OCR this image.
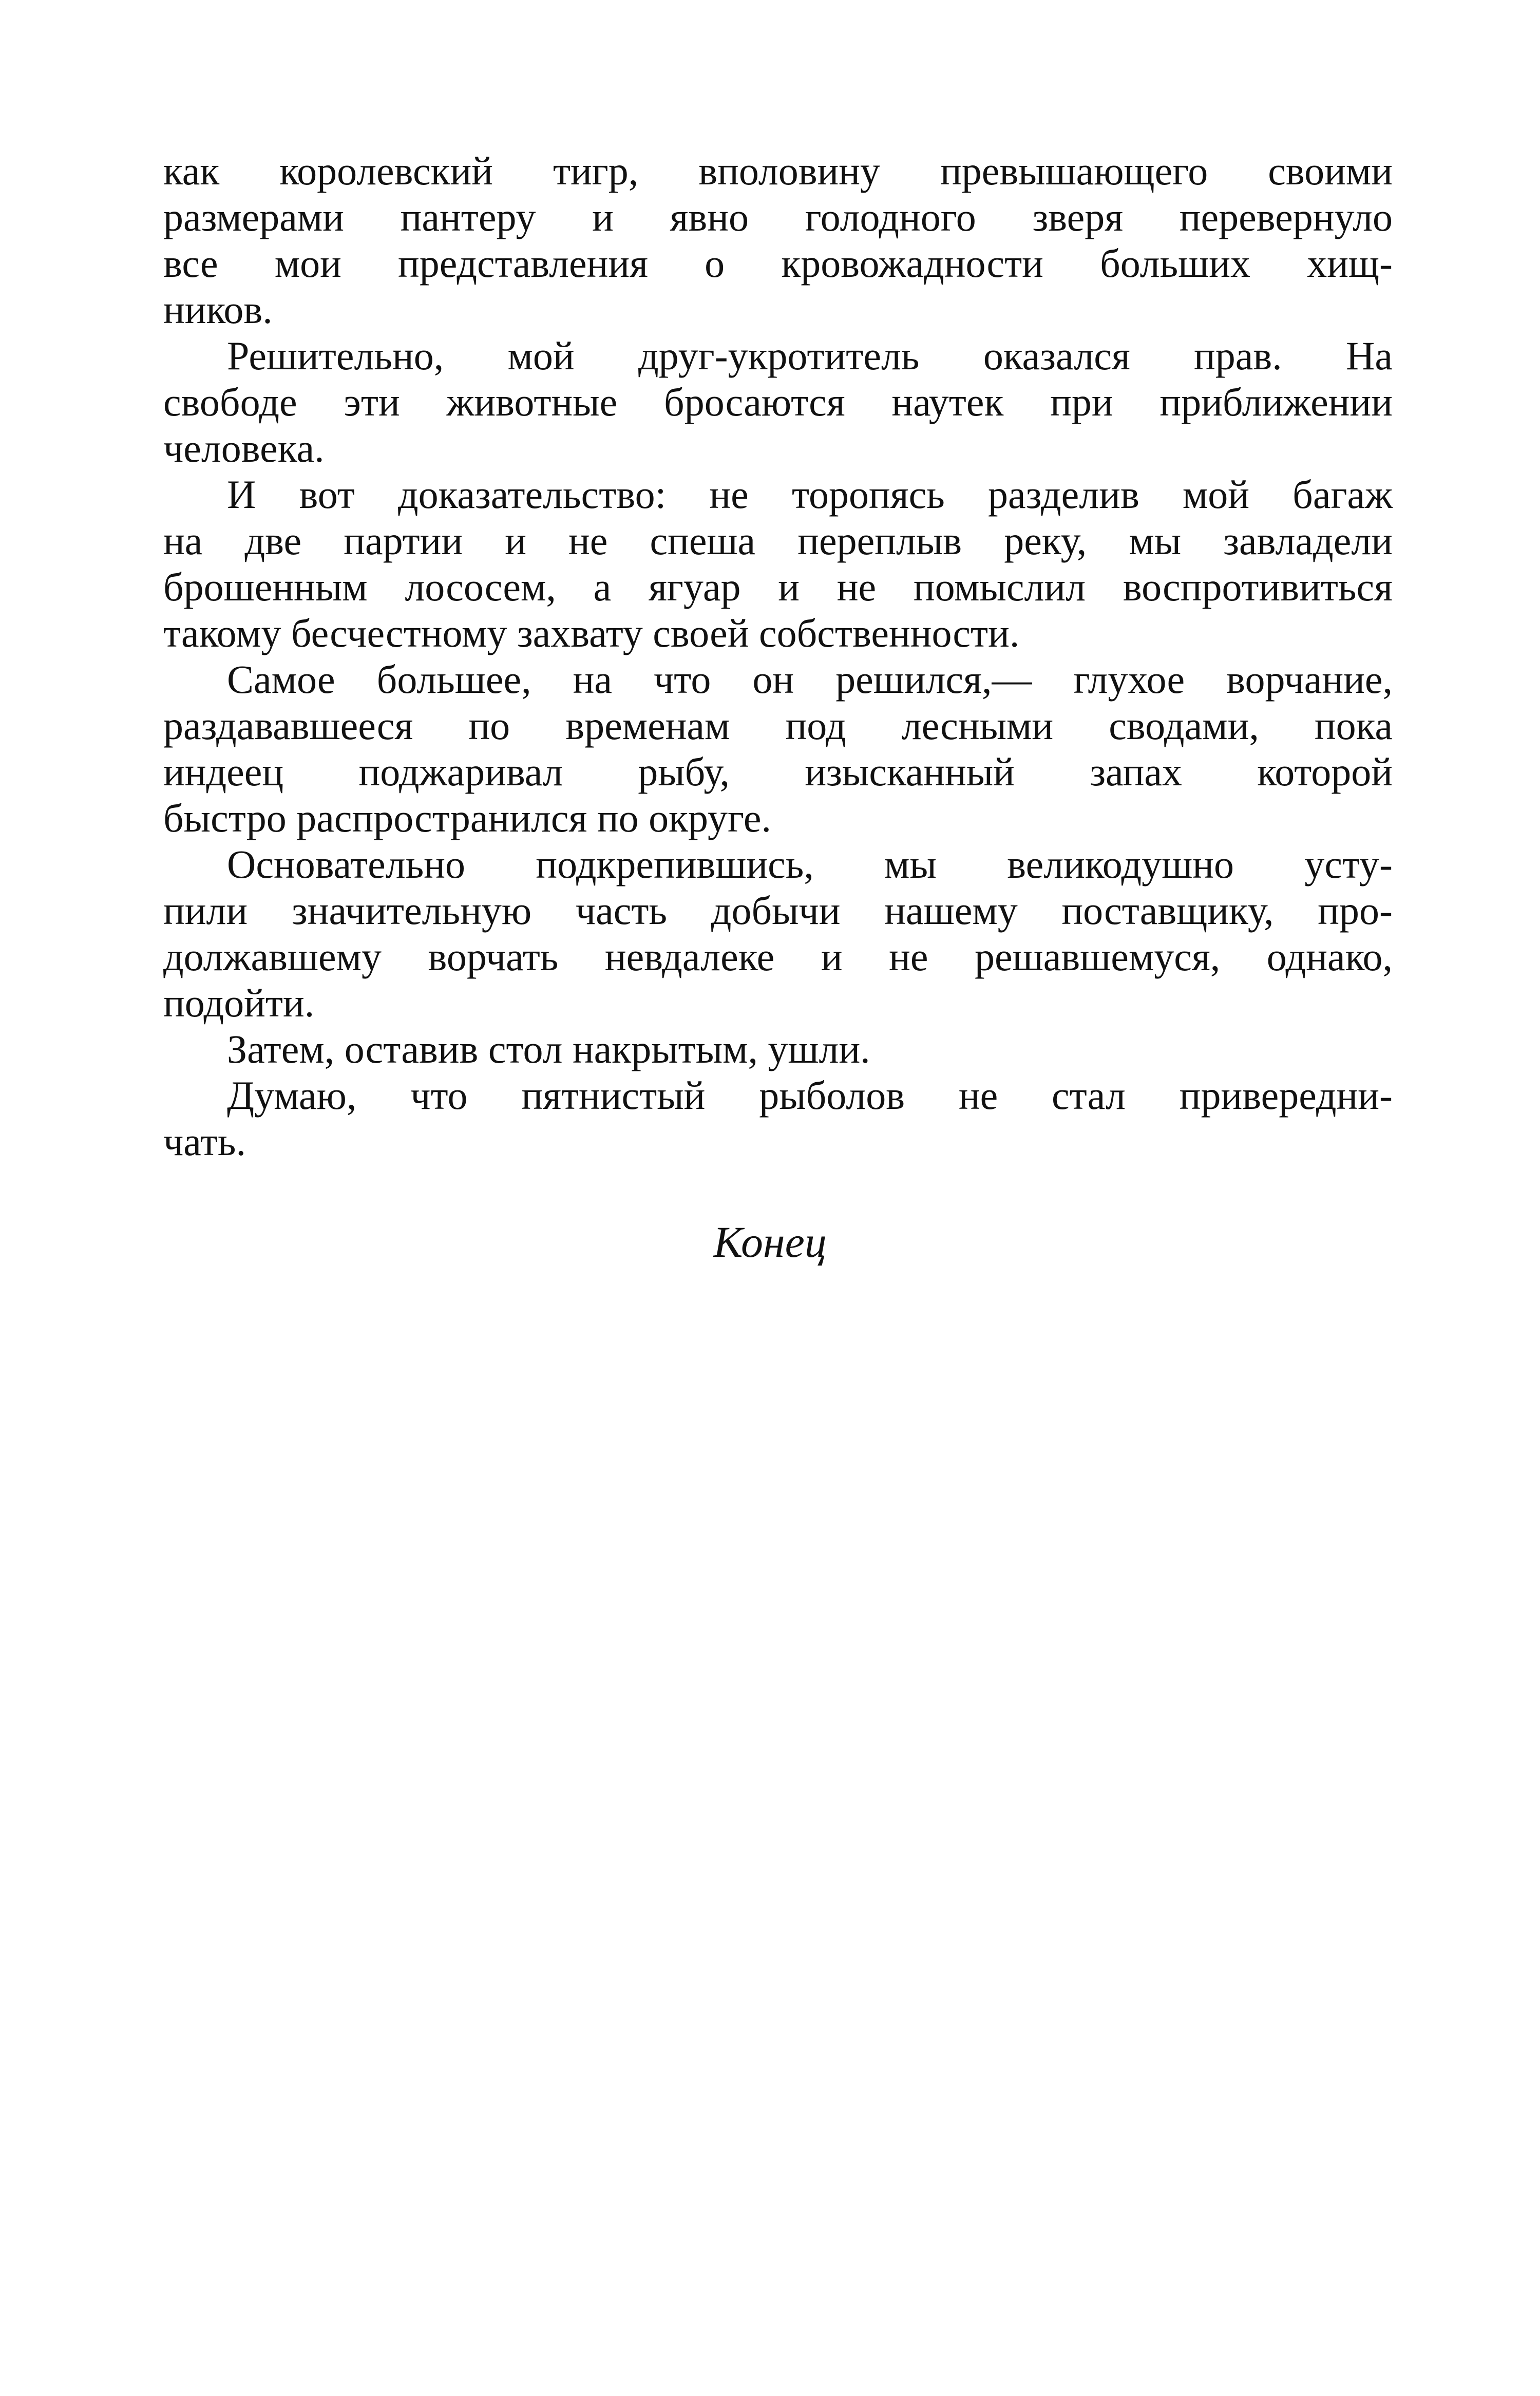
как королевский тигр, вполовину превышающего своими
размерами пантеру и явно голодного зверя перевернуло
все мои представления о кровожадности больших хищ-
ников.
Решительно, мой друг-укротитель оказался прав. На
свободе эти животные бросаются наутек при приближении
человека.
И вот доказательство: не торопясь разделив мой багаж
на две партии и не спеша переплыв реку, мы завладели
брошенным лососем, а ягуар и не помыслил воспротивиться
такому бесчестному захвату своей собственности.
Самое большее, на что он решился,— глухое ворчание,
раздававшееся по временам под лесными сводами, пока
индеец поджаривал рыбу, изысканный запах которой
быстро распространился по округе.
Основательно подкрепившись, мы великодушно усту-
пили значительную часть добычи нашему поставщику, про-
должавшему ворчать невдалеке и не решавшемуся, однако,
подойти.
Затем, оставив стол накрытым, ушли.
Думаю, что пятнистый рыболов не стал привередни-
чать.
Конец
